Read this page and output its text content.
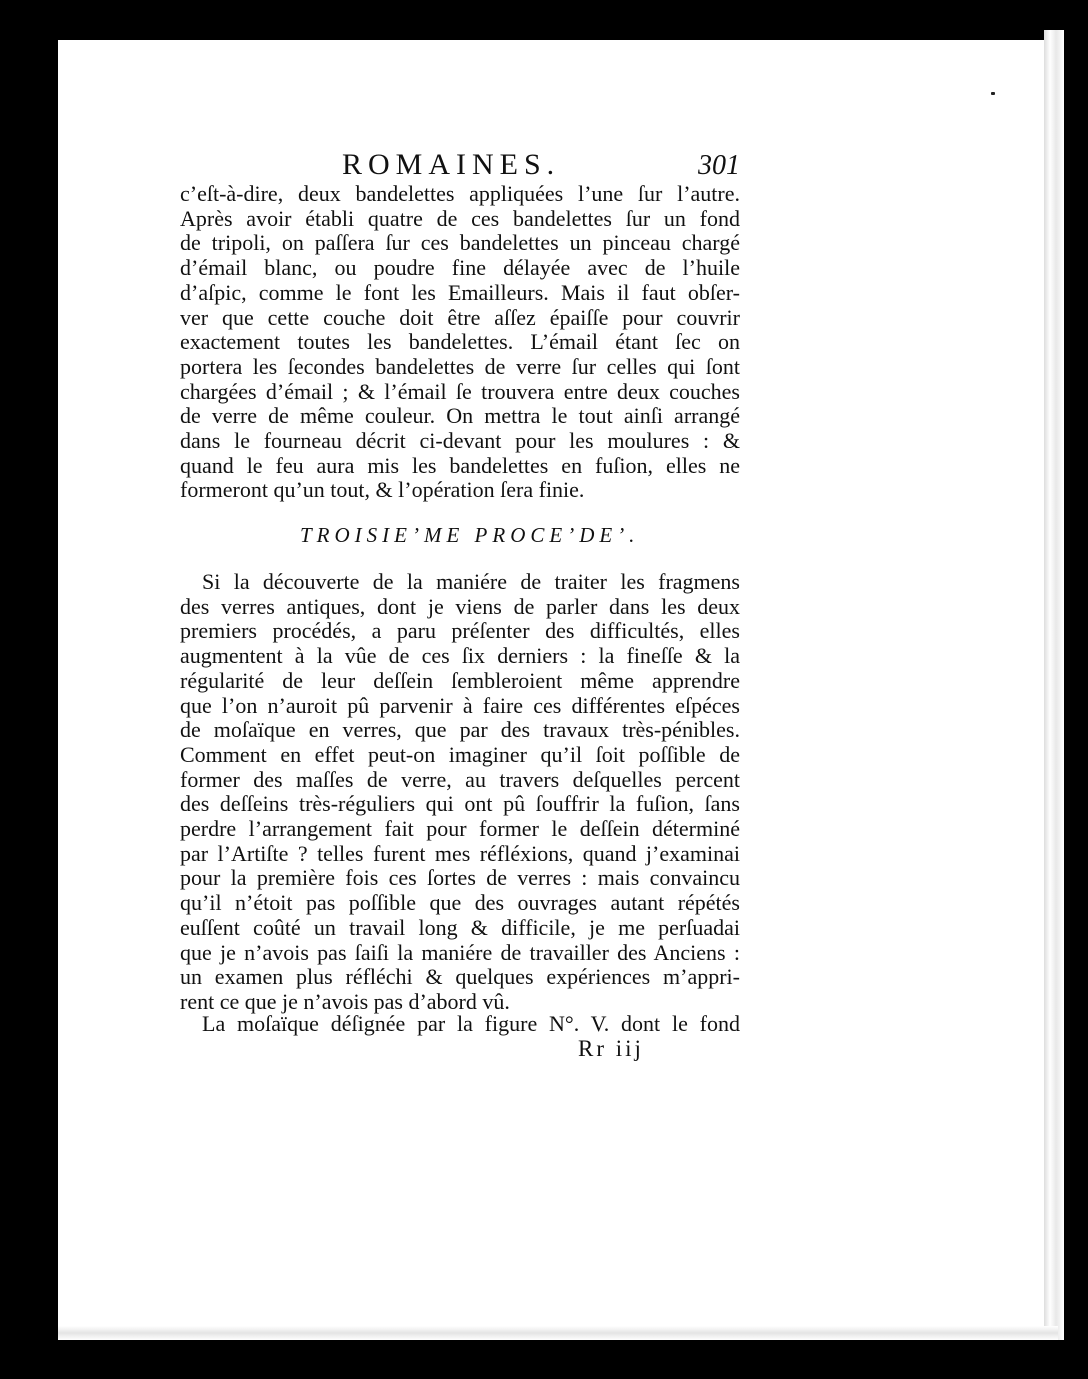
ROMAINES.	301
c’eſt-à-dire, deux bandelettes appliquées l’une ſur l’autre.
Après avoir établi quatre de ces bandelettes ſur un fond
de tripoli, on paſſera ſur ces bandelettes un pinceau chargé
d’émail blanc, ou poudre fine délayée avec de l’huile
d’aſpic, comme le font les Emailleurs. Mais il faut obſer-
ver que cette couche doit être aſſez épaiſſe pour couvrir
exactement toutes les bandelettes. L’émail étant ſec on
portera les ſecondes bandelettes de verre ſur celles qui ſont
chargées d’émail ; & l’émail ſe trouvera entre deux couches
de verre de même couleur. On mettra le tout ainſi arrangé
dans le fourneau décrit ci-devant pour les moulures : &
quand le feu aura mis les bandelettes en fuſion, elles ne
formeront qu’un tout, & l’opération ſera finie.
TROISIE’ME PROCE’DE’.
Si la découverte de la maniére de traiter les fragmens
des verres antiques, dont je viens de parler dans les deux
premiers procédés, a paru préſenter des difficultés, elles
augmentent à la vûe de ces ſix derniers : la fineſſe & la
régularité de leur deſſein ſembleroient même apprendre
que l’on n’auroit pû parvenir à faire ces différentes eſpéces
de moſaïque en verres, que par des travaux très-pénibles.
Comment en effet peut-on imaginer qu’il ſoit poſſible de
former des maſſes de verre, au travers deſquelles percent
des deſſeins très-réguliers qui ont pû ſouffrir la fuſion, ſans
perdre l’arrangement fait pour former le deſſein déterminé
par l’Artiſte ? telles furent mes réfléxions, quand j’examinai
pour la première fois ces ſortes de verres : mais convaincu
qu’il n’étoit pas poſſible que des ouvrages autant répétés
euſſent coûté un travail long & difficile, je me perſuadai
que je n’avois pas ſaiſi la maniére de travailler des Anciens :
un examen plus réfléchi & quelques expériences m’appri-
rent ce que je n’avois pas d’abord vû.
La moſaïque déſignée par la figure N°. V. dont le fond
Rr iij
